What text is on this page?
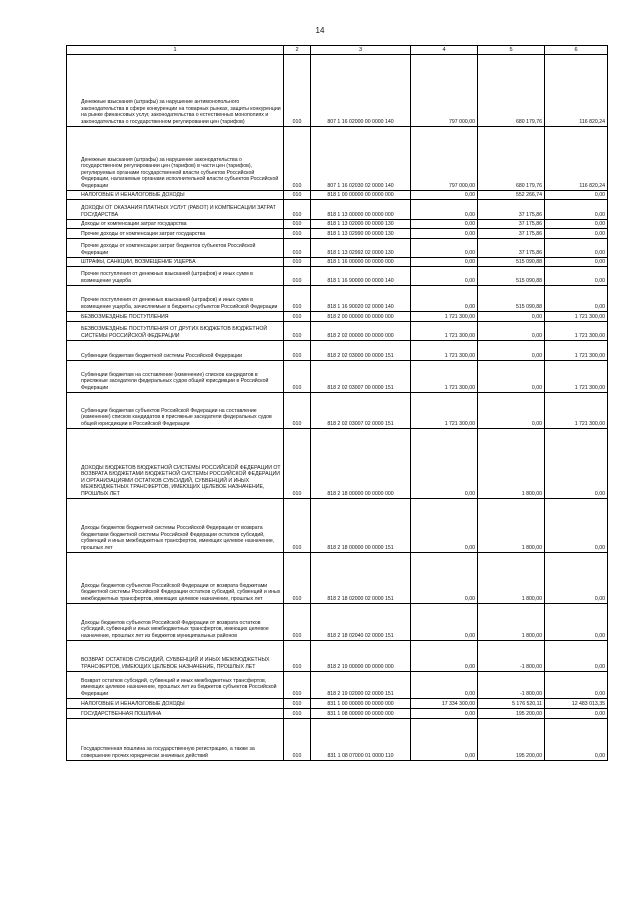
14
1	2	3	4	5	6

Денежные взыскания (штрафы) за нарушение антимонопольного законодательства в сфере конкуренции на товарных рынках, защиты конкуренции на рынке финансовых услуг, законодательства о естественных монополиях и законодательства о государственном регулировании цен (тарифов)	010	807 1 16 02000 00 0000 140	797 000,00	680 179,76	116 820,24

Денежные взыскания (штрафы) за нарушение законодательства о государственном регулировании цен (тарифов) в части цен (тарифов), регулируемых органами государственной власти субъектов Российской Федерации, налагаемые органами исполнительной власти субъектов Российской Федерации	010	807 1 16 02030 02 0000 140	797 000,00	680 179,76	116 820,24

НАЛОГОВЫЕ И НЕНАЛОГОВЫЕ ДОХОДЫ	010	818 1 00 00000 00 0000 000	0,00	552 266,74	0,00

ДОХОДЫ ОТ ОКАЗАНИЯ ПЛАТНЫХ УСЛУГ (РАБОТ) И КОМПЕНСАЦИИ ЗАТРАТ ГОСУДАРСТВА	010	818 1 13 00000 00 0000 000	0,00	37 175,86	0,00

Доходы от компенсации затрат государства	010	818 1 13 02000 00 0000 130	0,00	37 175,86	0,00

Прочие доходы от компенсации затрат государства	010	818 1 13 02990 00 0000 130	0,00	37 175,86	0,00

Прочие доходы от компенсации затрат бюджетов субъектов Российской Федерации	010	818 1 13 02992 02 0000 130	0,00	37 175,86	0,00

ШТРАФЫ, САНКЦИИ, ВОЗМЕЩЕНИЕ УЩЕРБА	010	818 1 16 00000 00 0000 000	0,00	515 090,88	0,00

Прочие поступления от денежных взысканий (штрафов) и иных сумм в возмещение ущерба	010	818 1 16 90000 00 0000 140	0,00	515 090,88	0,00

Прочие поступления от денежных взысканий (штрафов) и иных сумм в возмещение ущерба, зачисляемые в бюджеты субъектов Российской Федерации	010	818 1 16 90020 02 0000 140	0,00	515 090,88	0,00

БЕЗВОЗМЕЗДНЫЕ ПОСТУПЛЕНИЯ	010	818 2 00 00000 00 0000 000	1 721 300,00	0,00	1 721 300,00

БЕЗВОЗМЕЗДНЫЕ ПОСТУПЛЕНИЯ ОТ ДРУГИХ БЮДЖЕТОВ БЮДЖЕТНОЙ СИСТЕМЫ РОССИЙСКОЙ ФЕДЕРАЦИИ	010	818 2 02 00000 00 0000 000	1 721 300,00	0,00	1 721 300,00

Субвенции бюджетам бюджетной системы Российской Федерации	010	818 2 02 03000 00 0000 151	1 721 300,00	0,00	1 721 300,00

Субвенции бюджетам на составление (изменение) списков кандидатов в присяжные заседатели федеральных судов общей юрисдикции в Российской Федерации	010	818 2 02 03007 00 0000 151	1 721 300,00	0,00	1 721 300,00

Субвенции бюджетам субъектов Российской Федерации на составление (изменение) списков кандидатов в присяжные заседатели федеральных судов общей юрисдикции в Российской Федерации	010	818 2 02 03007 02 0000 151	1 721 300,00	0,00	1 721 300,00

ДОХОДЫ БЮДЖЕТОВ БЮДЖЕТНОЙ СИСТЕМЫ РОССИЙСКОЙ ФЕДЕРАЦИИ ОТ ВОЗВРАТА БЮДЖЕТАМИ БЮДЖЕТНОЙ СИСТЕМЫ РОССИЙСКОЙ ФЕДЕРАЦИИ И ОРГАНИЗАЦИЯМИ ОСТАТКОВ СУБСИДИЙ, СУБВЕНЦИЙ И ИНЫХ МЕЖБЮДЖЕТНЫХ ТРАНСФЕРТОВ, ИМЕЮЩИХ ЦЕЛЕВОЕ НАЗНАЧЕНИЕ, ПРОШЛЫХ ЛЕТ	010	818 2 18 00000 00 0000 000	0,00	1 800,00	0,00

Доходы бюджетов бюджетной системы Российской Федерации от возврата бюджетами бюджетной системы Российской Федерации остатков субсидий, субвенций и иных межбюджетных трансфертов, имеющих целевое назначение, прошлых лет	010	818 2 18 00000 00 0000 151	0,00	1 800,00	0,00

Доходы бюджетов субъектов Российской Федерации от возврата бюджетами бюджетной системы Российской Федерации остатков субсидий, субвенций и иных межбюджетных трансфертов, имеющих целевое назначение, прошлых лет	010	818 2 18 02000 02 0000 151	0,00	1 800,00	0,00

Доходы бюджетов субъектов Российской Федерации от возврата остатков субсидий, субвенций и иных межбюджетных трансфертов, имеющих целевое назначение, прошлых лет из бюджетов муниципальных районов	010	818 2 18 02040 02 0000 151	0,00	1 800,00	0,00

ВОЗВРАТ ОСТАТКОВ СУБСИДИЙ, СУБВЕНЦИЙ И ИНЫХ МЕЖБЮДЖЕТНЫХ ТРАНСФЕРТОВ, ИМЕЮЩИХ ЦЕЛЕВОЕ НАЗНАЧЕНИЕ, ПРОШЛЫХ ЛЕТ	010	818 2 19 00000 00 0000 000	0,00	-1 800,00	0,00

Возврат остатков субсидий, субвенций и иных межбюджетных трансфертов, имеющих целевое назначение, прошлых лет из бюджетов субъектов Российской Федерации	010	818 2 19 02000 02 0000 151	0,00	-1 800,00	0,00

НАЛОГОВЫЕ И НЕНАЛОГОВЫЕ ДОХОДЫ	010	831 1 00 00000 00 0000 000	17 334 300,00	5 176 520,11	12 483 013,35

ГОСУДАРСТВЕННАЯ ПОШЛИНА	010	831 1 08 00000 00 0000 000	0,00	195 200,00	0,00

Государственная пошлина за государственную регистрацию, а также за совершение прочих юридически значимых действий	010	831 1 08 07000 01 0000 110	0,00	195 200,00	0,00
